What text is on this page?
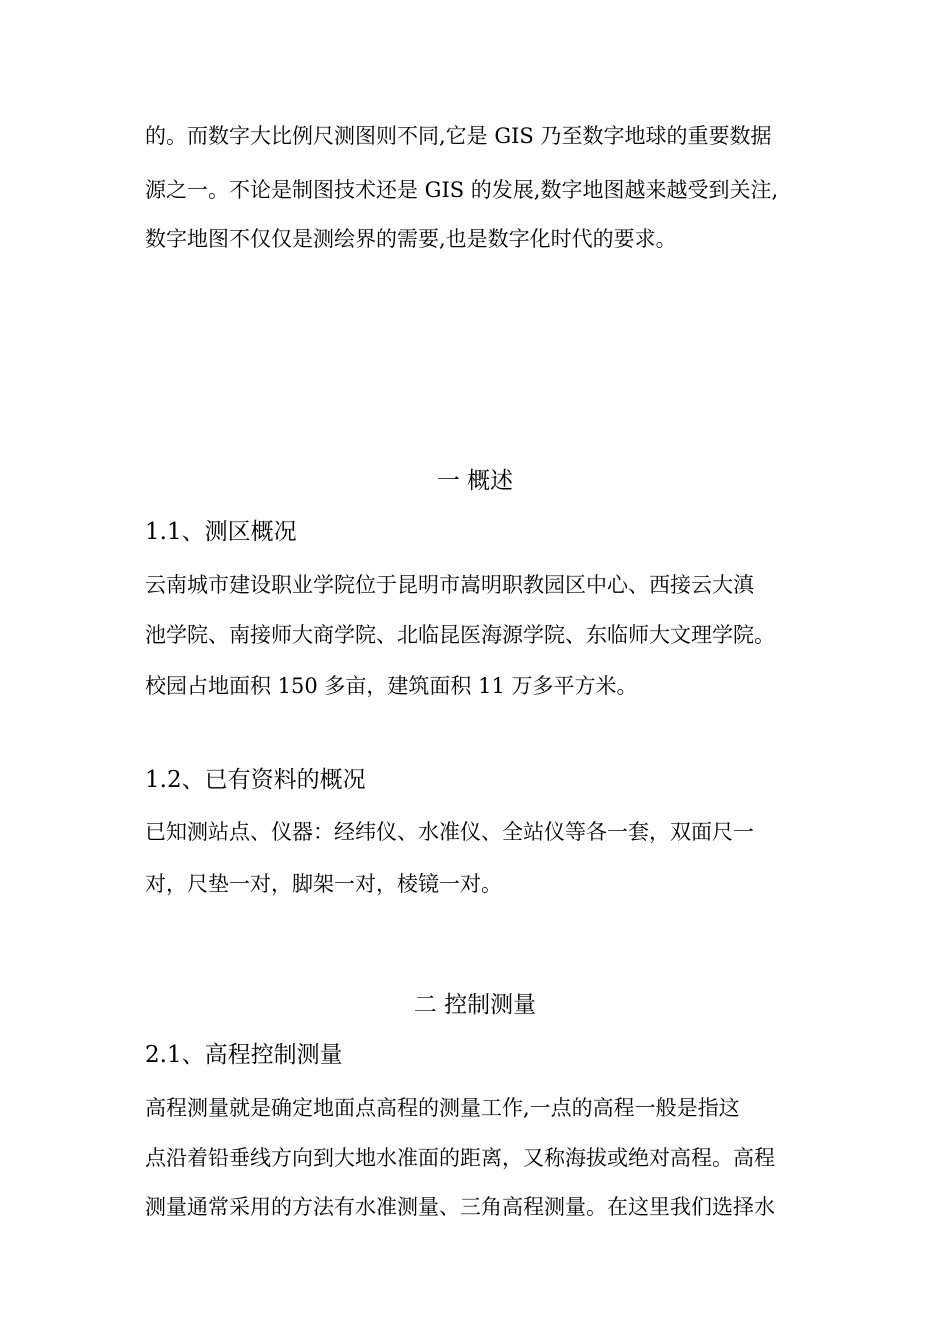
的。而数字大比例尺测图则不同,它是 GIS 乃至数字地球的重要数据
源之一。不论是制图技术还是 GIS 的发展,数字地图越来越受到关注,
数字地图不仅仅是测绘界的需要,也是数字化时代的要求。
一 概述
1.1、测区概况
云南城市建设职业学院位于昆明市嵩明职教园区中心、西接云大滇
池学院、南接师大商学院、北临昆医海源学院、东临师大文理学院。
校园占地面积 150 多亩，建筑面积 11 万多平方米。
1.2、已有资料的概况
已知测站点、仪器：经纬仪、水准仪、全站仪等各一套，双面尺一
对，尺垫一对，脚架一对，棱镜一对。
二 控制测量
2.1、高程控制测量
高程测量就是确定地面点高程的测量工作,一点的高程一般是指这
点沿着铅垂线方向到大地水准面的距离，又称海拔或绝对高程。高程
测量通常采用的方法有水准测量、三角高程测量。在这里我们选择水
